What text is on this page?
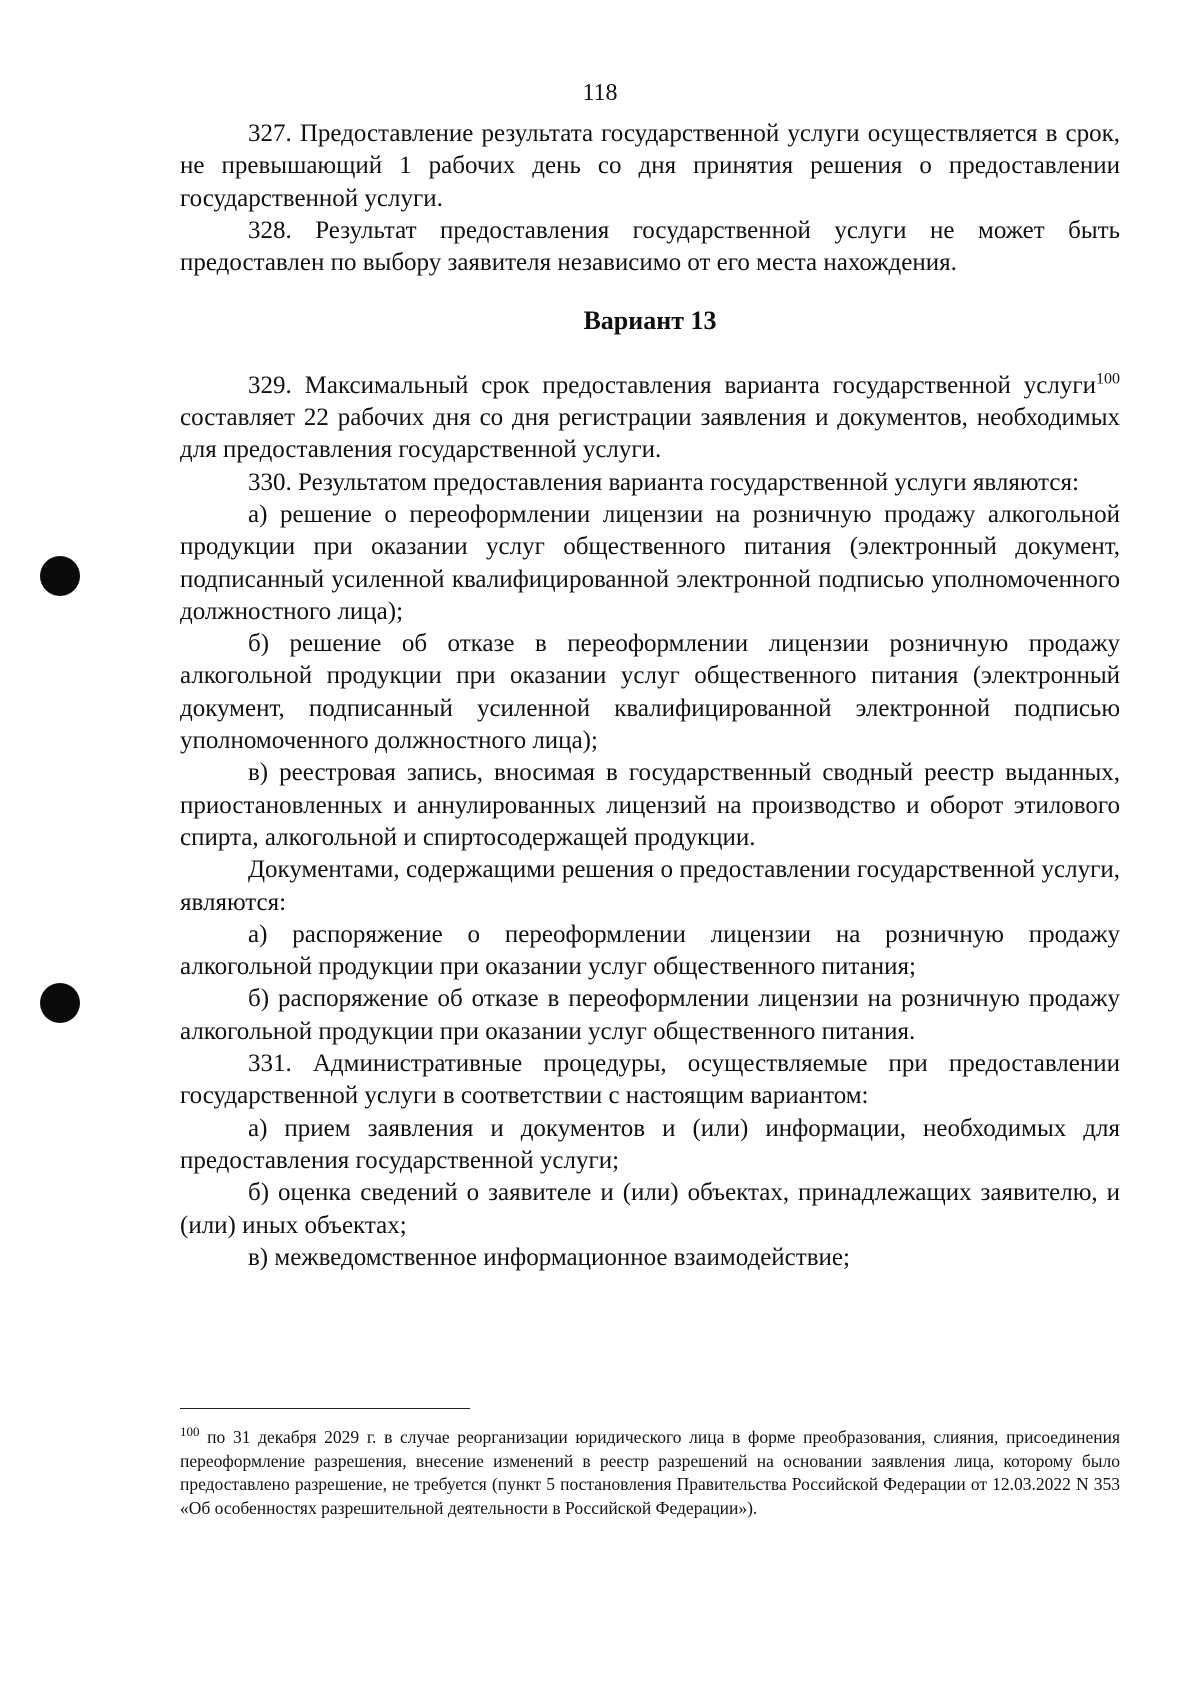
118

327. Предоставление результата государственной услуги осуществляется в срок, не превышающий 1 рабочих день со дня принятия решения о предоставлении государственной услуги.

328. Результат предоставления государственной услуги не может быть предоставлен по выбору заявителя независимо от его места нахождения.

Вариант 13

329. Максимальный срок предоставления варианта государственной услуги$^{100}$ составляет 22 рабочих дня со дня регистрации заявления и документов, необходимых для предоставления государственной услуги.

330. Результатом предоставления варианта государственной услуги являются:

а) решение о переоформлении лицензии на розничную продажу алкогольной продукции при оказании услуг общественного питания (электронный документ, подписанный усиленной квалифицированной электронной подписью уполномоченного должностного лица);

б) решение об отказе в переоформлении лицензии розничную продажу алкогольной продукции при оказании услуг общественного питания (электронный документ, подписанный усиленной квалифицированной электронной подписью уполномоченного должностного лица);

в) реестровая запись, вносимая в государственный сводный реестр выданных, приостановленных и аннулированных лицензий на производство и оборот этилового спирта, алкогольной и спиртосодержащей продукции.

Документами, содержащими решения о предоставлении государственной услуги, являются:

а) распоряжение о переоформлении лицензии на розничную продажу алкогольной продукции при оказании услуг общественного питания;

б) распоряжение об отказе в переоформлении лицензии на розничную продажу алкогольной продукции при оказании услуг общественного питания.

331. Административные процедуры, осуществляемые при предоставлении государственной услуги в соответствии с настоящим вариантом:

а) прием заявления и документов и (или) информации, необходимых для предоставления государственной услуги;

б) оценка сведений о заявителе и (или) объектах, принадлежащих заявителю, и (или) иных объектах;

в) межведомственное информационное взаимодействие;

$^{100}$ по 31 декабря 2029 г. в случае реорганизации юридического лица в форме преобразования, слияния, присоединения переоформление разрешения, внесение изменений в реестр разрешений на основании заявления лица, которому было предоставлено разрешение, не требуется (пункт 5 постановления Правительства Российской Федерации от 12.03.2022 N 353 «Об особенностях разрешительной деятельности в Российской Федерации»).
